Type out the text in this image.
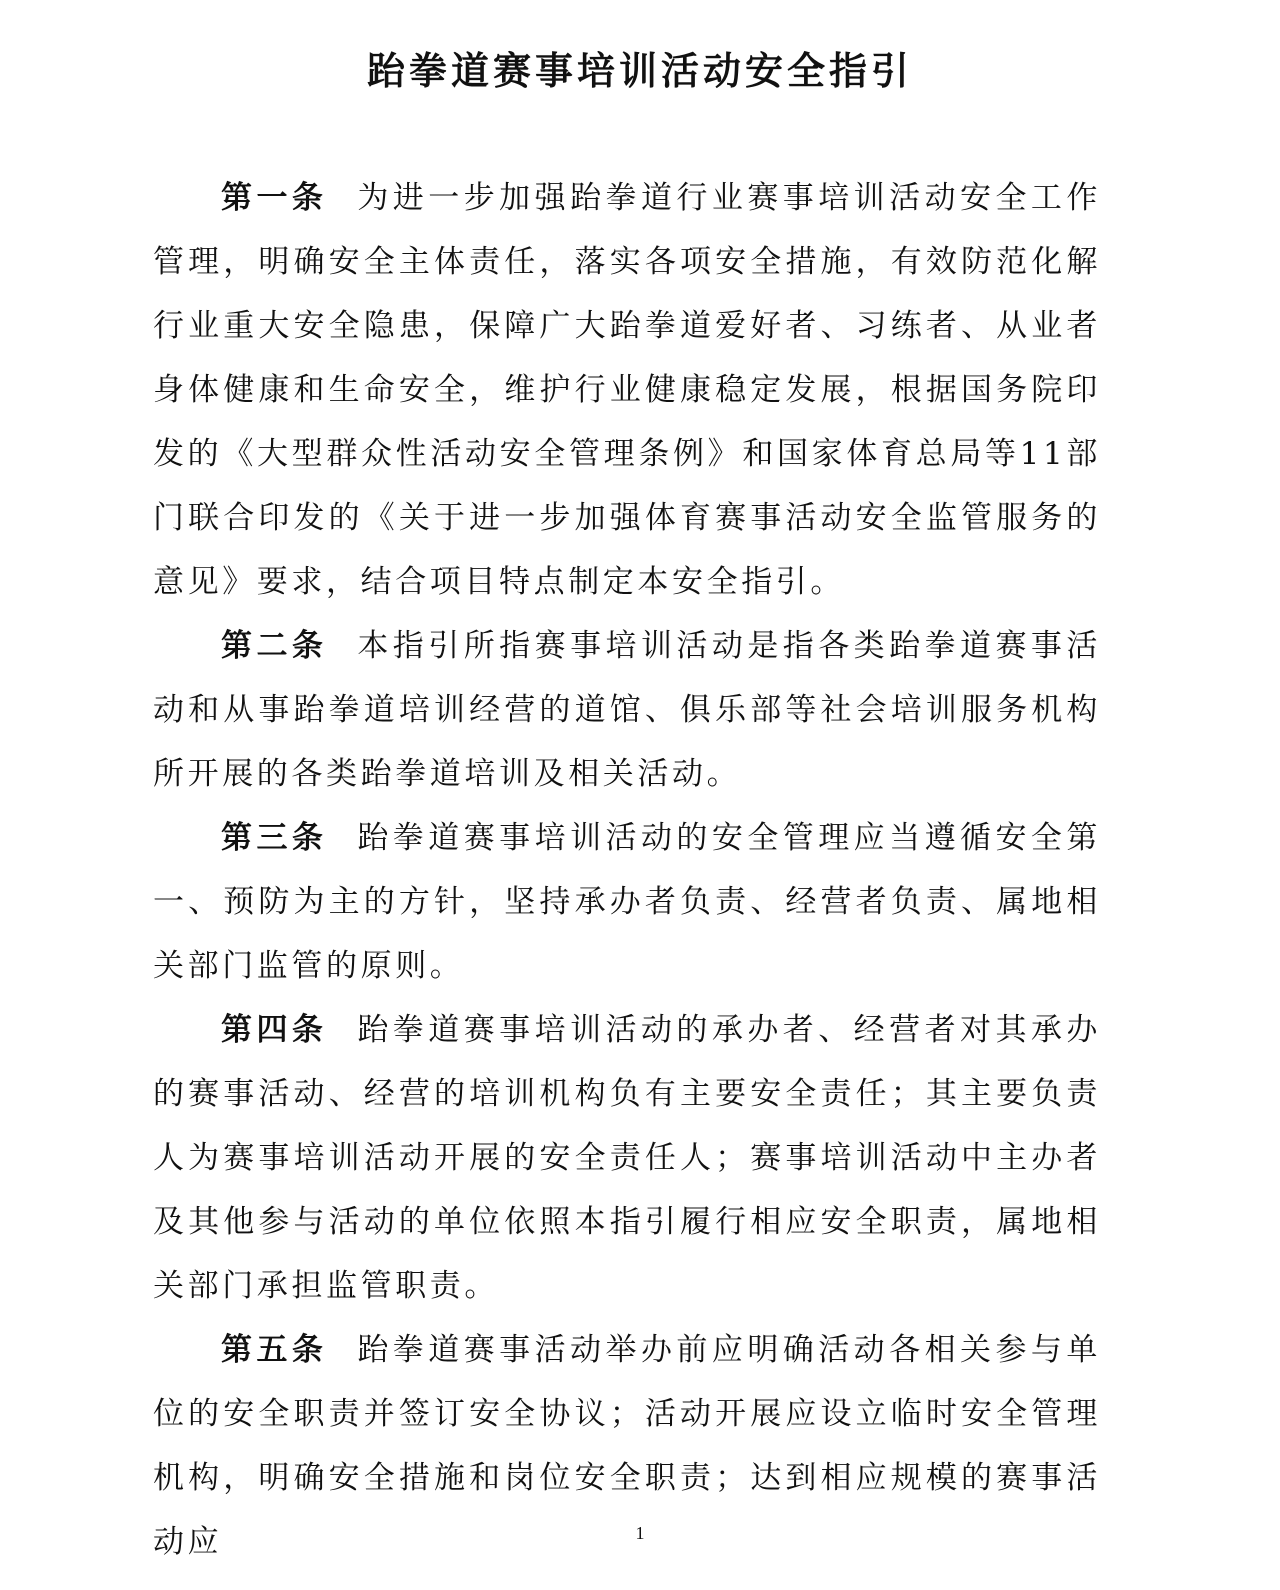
跆拳道赛事培训活动安全指引

第一条 为进一步加强跆拳道行业赛事培训活动安全工作管理，明确安全主体责任，落实各项安全措施，有效防范化解行业重大安全隐患，保障广大跆拳道爱好者、习练者、从业者身体健康和生命安全，维护行业健康稳定发展，根据国务院印发的《大型群众性活动安全管理条例》和国家体育总局等11部门联合印发的《关于进一步加强体育赛事活动安全监管服务的意见》要求，结合项目特点制定本安全指引。

第二条 本指引所指赛事培训活动是指各类跆拳道赛事活动和从事跆拳道培训经营的道馆、俱乐部等社会培训服务机构所开展的各类跆拳道培训及相关活动。

第三条 跆拳道赛事培训活动的安全管理应当遵循安全第一、预防为主的方针，坚持承办者负责、经营者负责、属地相关部门监管的原则。

第四条 跆拳道赛事培训活动的承办者、经营者对其承办的赛事活动、经营的培训机构负有主要安全责任；其主要负责人为赛事培训活动开展的安全责任人；赛事培训活动中主办者及其他参与活动的单位依照本指引履行相应安全职责，属地相关部门承担监管职责。

第五条 跆拳道赛事活动举办前应明确活动各相关参与单位的安全职责并签订安全协议；活动开展应设立临时安全管理机构，明确安全措施和岗位安全职责；达到相应规模的赛事活动应	1
